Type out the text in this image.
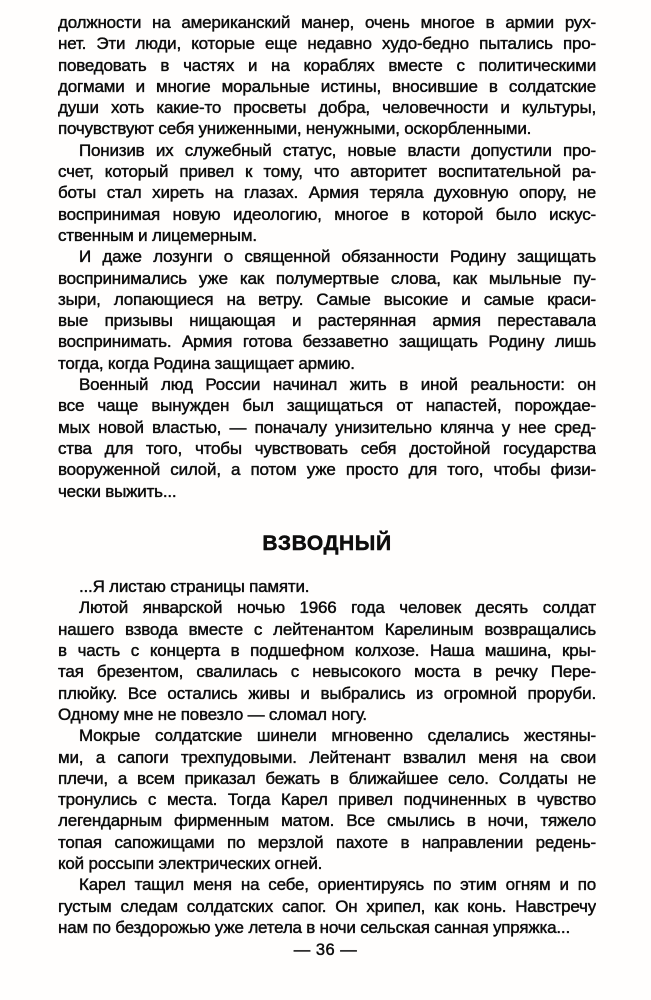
должности на американский манер, очень многое в армии рух-
нет. Эти люди, которые еще недавно худо-бедно пытались про-
поведовать в частях и на кораблях вместе с политическими
догмами и многие моральные истины, вносившие в солдатские
души хоть какие-то просветы добра, человечности и культуры,
почувствуют себя униженными, ненужными, оскорбленными.
Понизив их служебный статус, новые власти допустили про-
счет, который привел к тому, что авторитет воспитательной ра-
боты стал хиреть на глазах. Армия теряла духовную опору, не
воспринимая новую идеологию, многое в которой было искус-
ственным и лицемерным.
И даже лозунги о священной обязанности Родину защищать
воспринимались уже как полумертвые слова, как мыльные пу-
зыри, лопающиеся на ветру. Самые высокие и самые краси-
вые призывы нищающая и растерянная армия переставала
воспринимать. Армия готова беззаветно защищать Родину лишь
тогда, когда Родина защищает армию.
Военный люд России начинал жить в иной реальности: он
все чаще вынужден был защищаться от напастей, порождае-
мых новой властью, — поначалу унизительно клянча у нее сред-
ства для того, чтобы чувствовать себя достойной государства
вооруженной силой, а потом уже просто для того, чтобы физи-
чески выжить...
ВЗВОДНЫЙ
...Я листаю страницы памяти.
Лютой январской ночью 1966 года человек десять солдат
нашего взвода вместе с лейтенантом Карелиным возвращались
в часть с концерта в подшефном колхозе. Наша машина, кры-
тая брезентом, свалилась с невысокого моста в речку Пере-
плюйку. Все остались живы и выбрались из огромной проруби.
Одному мне не повезло — сломал ногу.
Мокрые солдатские шинели мгновенно сделались жестяны-
ми, а сапоги трехпудовыми. Лейтенант взвалил меня на свои
плечи, а всем приказал бежать в ближайшее село. Солдаты не
тронулись с места. Тогда Карел привел подчиненных в чувство
легендарным фирменным матом. Все смылись в ночи, тяжело
топая сапожищами по мерзлой пахоте в направлении редень-
кой россыпи электрических огней.
Карел тащил меня на себе, ориентируясь по этим огням и по
густым следам солдатских сапог. Он хрипел, как конь. Навстречу
нам по бездорожью уже летела в ночи сельская санная упряжка...
— 36 —
